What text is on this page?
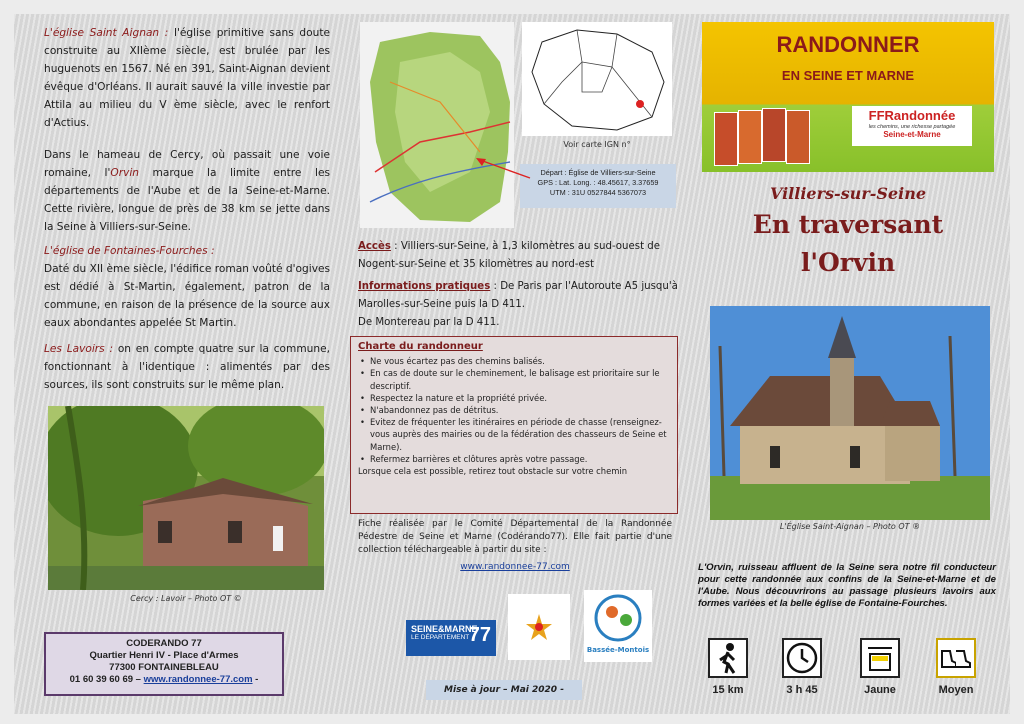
L'église Saint Aignan : l'église primitive sans doute construite au XIIème siècle, est brulée par les huguenots en 1567. Né en 391, Saint-Aignan devient évêque d'Orléans. Il aurait sauvé la ville investie par Attila au milieu du V ème siècle, avec le renfort d'Actius.
Dans le hameau de Cercy, où passait une voie romaine, l'Orvin marque la limite entre les départements de l'Aube et de la Seine-et-Marne. Cette rivière, longue de près de 38 km se jette dans la Seine à Villiers-sur-Seine.
L'église de Fontaines-Fourches :
Daté du XII ème siècle, l'édifice roman voûté d'ogives est dédié à St-Martin, également, patron de la commune, en raison de la présence de la source aux eaux abondantes appelée St Martin.
Les Lavoirs : on en compte quatre sur la commune, fonctionnant à l'identique : alimentés par des sources, ils sont construits sur le même plan.
Cercy : Lavoir – Photo OT ©
CODERANDO 77
Quartier Henri IV - Place d'Armes
77300 FONTAINEBLEAU
01 60 39 60 69 – www.randonnee-77.com -
Voir carte IGN n°
Départ : Église de Villiers-sur-Seine
GPS : Lat. Long. : 48.45617, 3.37659
UTM : 31U 0527844 5367073
Accès : Villiers-sur-Seine, à 1,3 kilomètres au sud-ouest de Nogent-sur-Seine et 35 kilomètres au nord-est
Informations pratiques : De Paris par l'Autoroute A5 jusqu'à Marolles-sur-Seine puis la D 411.
De Montereau par la D 411.
Charte du randonneur
• Ne vous écartez pas des chemins balisés.
• En cas de doute sur le cheminement, le balisage est prioritaire sur le descriptif.
• Respectez la nature et la propriété privée.
• N'abandonnez pas de détritus.
• Evitez de fréquenter les itinéraires en période de chasse (renseignez-vous auprès des mairies ou de la fédération des chasseurs de Seine et Marne).
• Refermez barrières et clôtures après votre passage.
Lorsque cela est possible, retirez tout obstacle sur votre chemin
Fiche réalisée par le Comité Départemental de la Randonnée Pédestre de Seine et Marne (Codérando77). Elle fait partie d'une collection téléchargeable à partir du site :
www.randonnee-77.com
SEINE&MARNE
LE DÉPARTEMENT 77
Bassée-Montois
Mise à jour – Mai 2020 -
RANDONNER
EN SEINE ET MARNE
FFRandonnée
les chemins, une richesse partagée
Seine-et-Marne
Villiers-sur-Seine
En traversant
l'Orvin
L'Église Saint-Aignan – Photo OT ®
L'Orvin, ruisseau affluent de la Seine sera notre fil conducteur pour cette randonnée aux confins de la Seine-et-Marne et de l'Aube. Nous découvrirons au passage plusieurs lavoirs aux formes variées et la belle église de Fontaine-Fourches.
15 km	3 h 45	Jaune	Moyen
